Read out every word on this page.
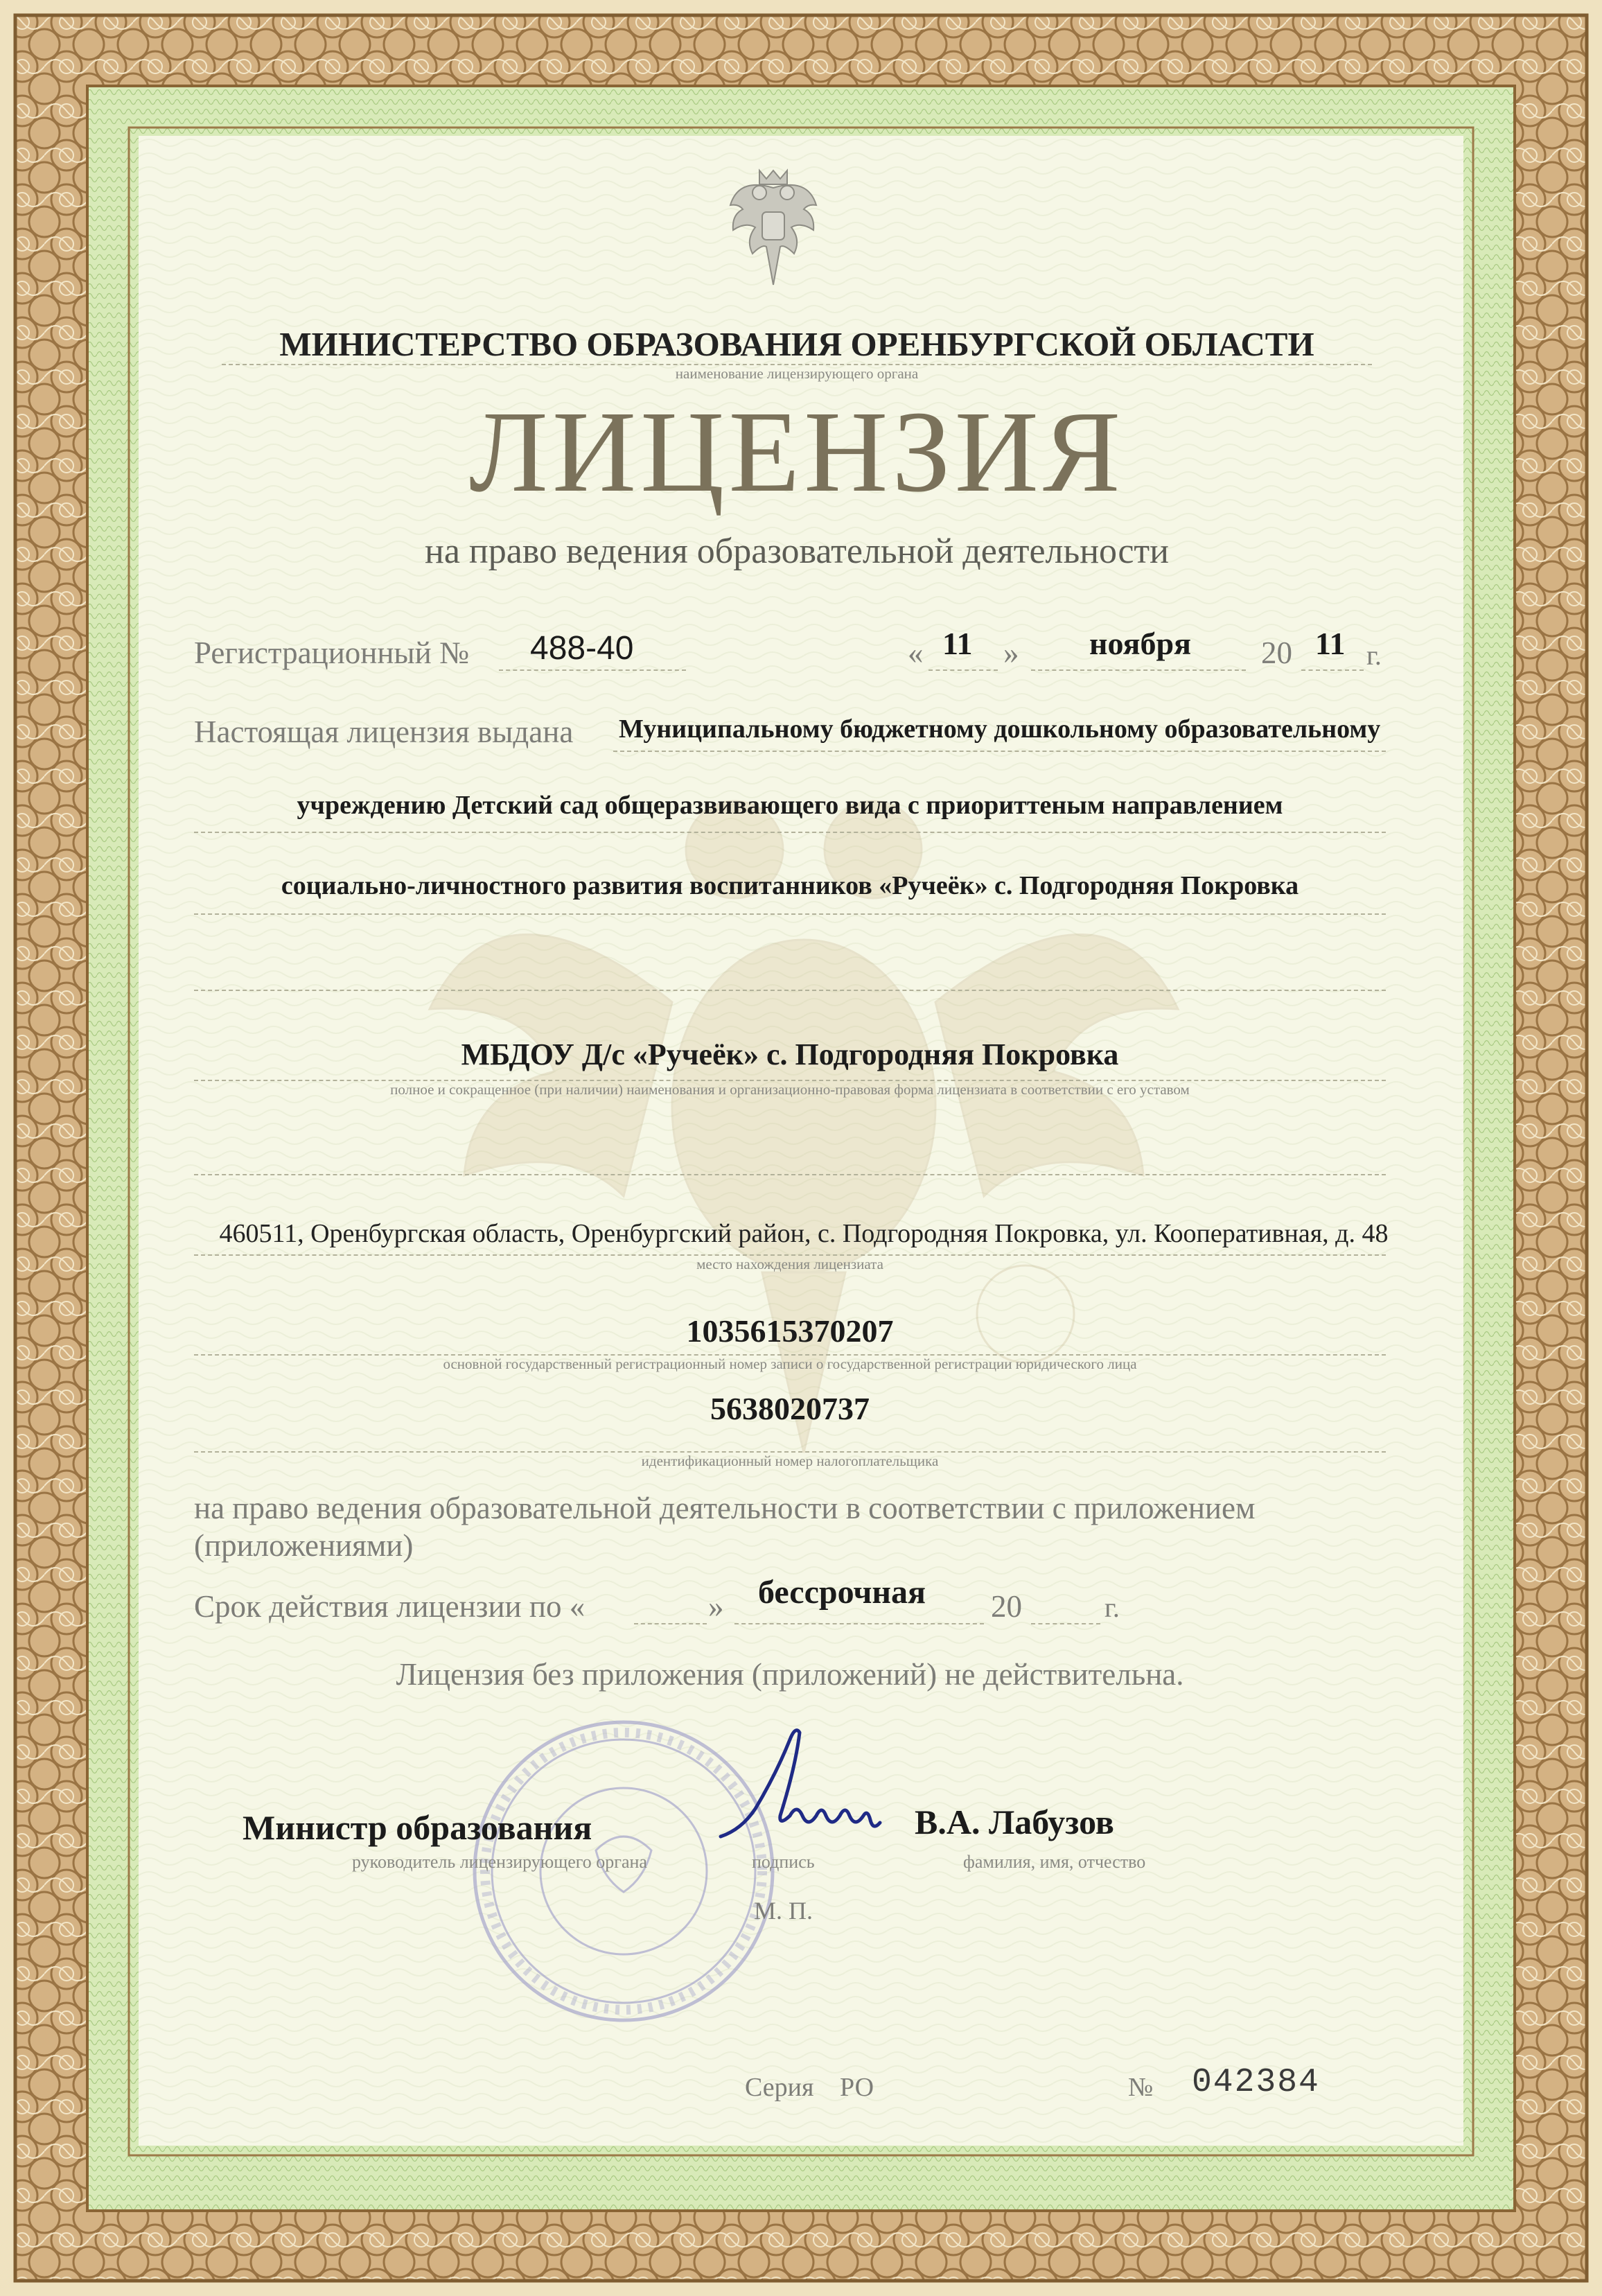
МИНИСТЕРСТВО ОБРАЗОВАНИЯ ОРЕНБУРГСКОЙ ОБЛАСТИ
наименование лицензирующего органа
ЛИЦЕНЗИЯ
на право ведения образовательной деятельности
Регистрационный № 488-40	« 11 » ноября 20 11 г.
Настоящая лицензия выдана Муниципальному бюджетному дошкольному образовательному
учреждению Детский сад общеразвивающего вида с приориттеным направлением
социально-личностного развития воспитанников «Ручеёк» с. Подгородняя Покровка
МБДОУ Д/с «Ручеёк» с. Подгородняя Покровка
полное и сокращенное (при наличии) наименования и организационно-правовая форма лицензиата в соответствии с его уставом
460511, Оренбургская область, Оренбургский район, с. Подгородняя Покровка, ул. Кооперативная, д. 48
место нахождения лицензиата
1035615370207
основной государственный регистрационный номер записи о государственной регистрации юридического лица
5638020737
идентификационный номер налогоплательщика
на право ведения образовательной деятельности в соответствии с приложением
(приложениями)
Срок действия лицензии по «	» бессрочная 20	г.
Лицензия без приложения (приложений) не действительна.
Министр образования
руководитель лицензирующего органа	подпись
В.А. Лабузов
фамилия, имя, отчество
М. П.
Серия РО	№ 042384
